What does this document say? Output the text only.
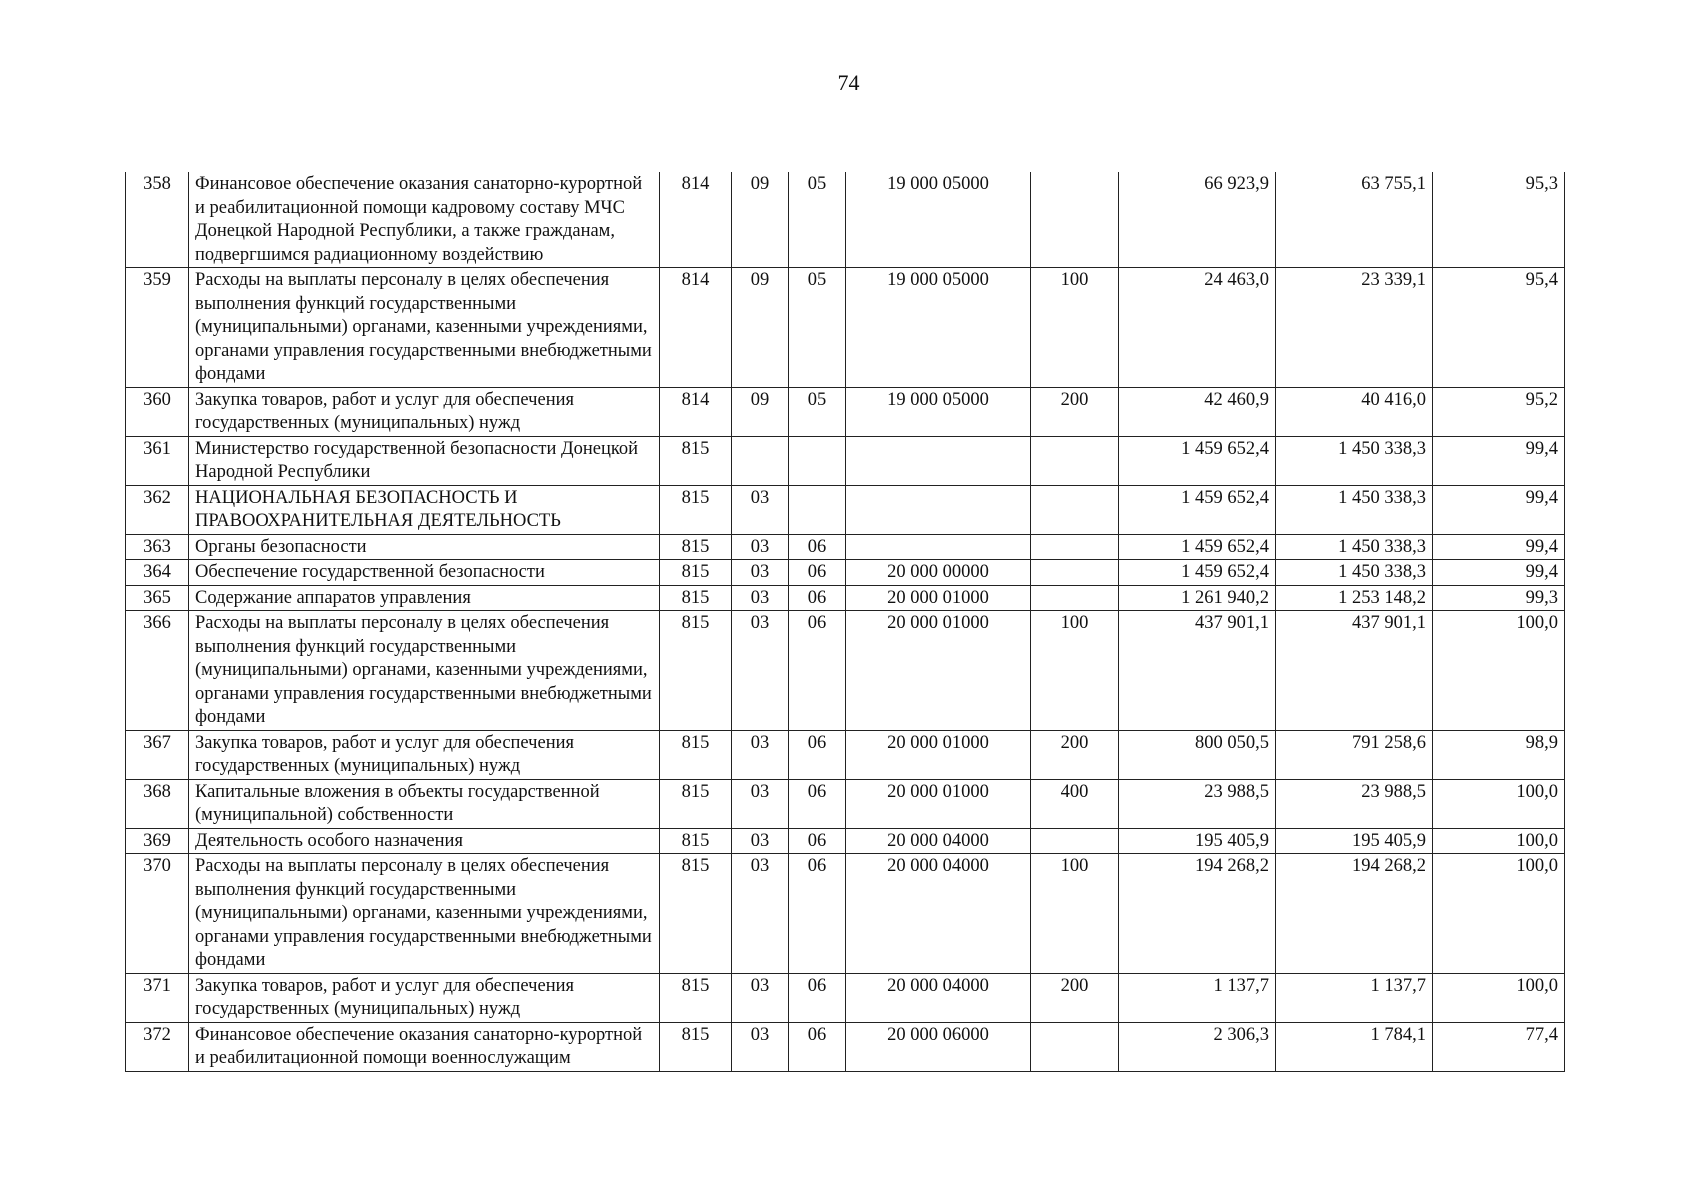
74
358	Финансовое обеспечение оказания санаторно-курортной и реабилитационной помощи кадровому составу МЧС Донецкой Народной Республики, а также гражданам, подвергшимся радиационному воздействию	814	09	05	19 000 05000		66 923,9	63 755,1	95,3
359	Расходы на выплаты персоналу в целях обеспечения выполнения функций государственными (муниципальными) органами, казенными учреждениями, органами управления государственными внебюджетными фондами	814	09	05	19 000 05000	100	24 463,0	23 339,1	95,4
360	Закупка товаров, работ и услуг для обеспечения государственных (муниципальных) нужд	814	09	05	19 000 05000	200	42 460,9	40 416,0	95,2
361	Министерство государственной безопасности Донецкой Народной Республики	815					1 459 652,4	1 450 338,3	99,4
362	НАЦИОНАЛЬНАЯ БЕЗОПАСНОСТЬ И ПРАВООХРАНИТЕЛЬНАЯ ДЕЯТЕЛЬНОСТЬ	815	03				1 459 652,4	1 450 338,3	99,4
363	Органы безопасности	815	03	06			1 459 652,4	1 450 338,3	99,4
364	Обеспечение государственной безопасности	815	03	06	20 000 00000		1 459 652,4	1 450 338,3	99,4
365	Содержание аппаратов управления	815	03	06	20 000 01000		1 261 940,2	1 253 148,2	99,3
366	Расходы на выплаты персоналу в целях обеспечения выполнения функций государственными (муниципальными) органами, казенными учреждениями, органами управления государственными внебюджетными фондами	815	03	06	20 000 01000	100	437 901,1	437 901,1	100,0
367	Закупка товаров, работ и услуг для обеспечения государственных (муниципальных) нужд	815	03	06	20 000 01000	200	800 050,5	791 258,6	98,9
368	Капитальные вложения в объекты государственной (муниципальной) собственности	815	03	06	20 000 01000	400	23 988,5	23 988,5	100,0
369	Деятельность особого назначения	815	03	06	20 000 04000		195 405,9	195 405,9	100,0
370	Расходы на выплаты персоналу в целях обеспечения выполнения функций государственными (муниципальными) органами, казенными учреждениями, органами управления государственными внебюджетными фондами	815	03	06	20 000 04000	100	194 268,2	194 268,2	100,0
371	Закупка товаров, работ и услуг для обеспечения государственных (муниципальных) нужд	815	03	06	20 000 04000	200	1 137,7	1 137,7	100,0
372	Финансовое обеспечение оказания санаторно-курортной и реабилитационной помощи военнослужащим	815	03	06	20 000 06000		2 306,3	1 784,1	77,4
